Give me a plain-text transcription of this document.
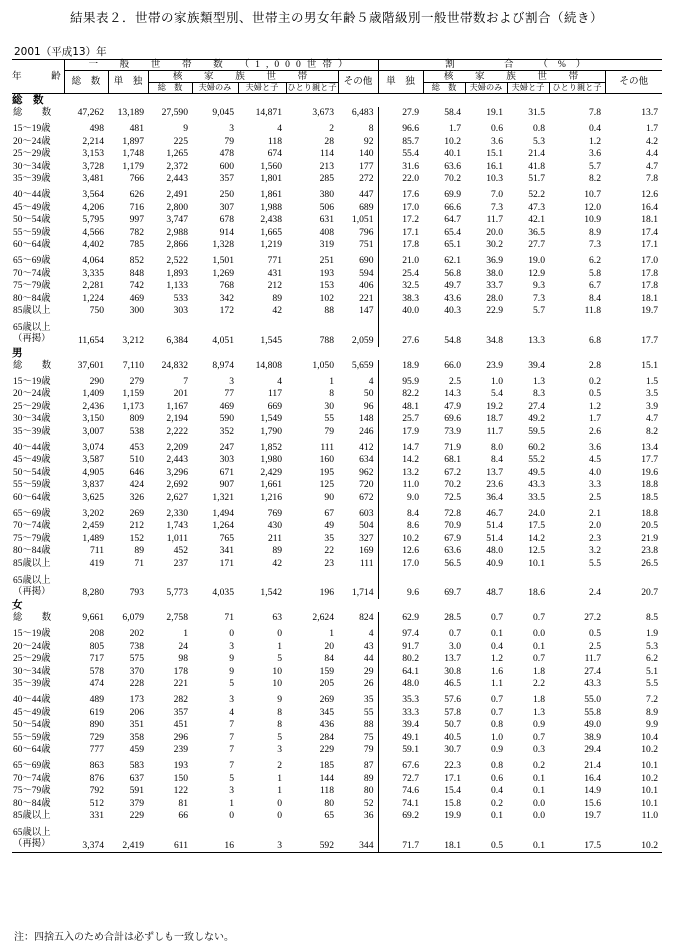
結果表２．世帯の家族類型別、世帯主の男女年齢５歳階級別一般世帯数および割合（続き）
2001（平成13）年
年　齢	一　般　世　帯　数　（1,000世帯）							割　　合　（%）					
	総　数	単　独	核　家　族　世　帯				その他	単　独	核　家　族　世　帯				その他
			総　数	夫婦のみ	夫婦と子	ひとり親と子			総　数	夫婦のみ	夫婦と子	ひとり親と子	
総　数													
総　数	47,262	13,189	27,590	9,045	14,871	3,673	6,483	27.9	58.4	19.1	31.5	7.8	13.7

15～19歳	498	481	9	3	4	2	8	96.6	1.7	0.6	0.8	0.4	1.7
20～24歳	2,214	1,897	225	79	118	28	92	85.7	10.2	3.6	5.3	1.2	4.2
25～29歳	3,153	1,748	1,265	478	674	114	140	55.4	40.1	15.1	21.4	3.6	4.4
30～34歳	3,728	1,179	2,372	600	1,560	213	177	31.6	63.6	16.1	41.8	5.7	4.7
35～39歳	3,481	766	2,443	357	1,801	285	272	22.0	70.2	10.3	51.7	8.2	7.8

40～44歳	3,564	626	2,491	250	1,861	380	447	17.6	69.9	7.0	52.2	10.7	12.6
45～49歳	4,206	716	2,800	307	1,988	506	689	17.0	66.6	7.3	47.3	12.0	16.4
50～54歳	5,795	997	3,747	678	2,438	631	1,051	17.2	64.7	11.7	42.1	10.9	18.1
55～59歳	4,566	782	2,988	914	1,665	408	796	17.1	65.4	20.0	36.5	8.9	17.4
60～64歳	4,402	785	2,866	1,328	1,219	319	751	17.8	65.1	30.2	27.7	7.3	17.1

65～69歳	4,064	852	2,522	1,501	771	251	690	21.0	62.1	36.9	19.0	6.2	17.0
70～74歳	3,335	848	1,893	1,269	431	193	594	25.4	56.8	38.0	12.9	5.8	17.8
75～79歳	2,281	742	1,133	768	212	153	406	32.5	49.7	33.7	9.3	6.7	17.8
80～84歳	1,224	469	533	342	89	102	221	38.3	43.6	28.0	7.3	8.4	18.1
85歳以上	750	300	303	172	42	88	147	40.0	40.3	22.9	5.7	11.8	19.7

65歳以上
（再掲）	11,654	3,212	6,384	4,051	1,545	788	2,059	27.6	54.8	34.8	13.3	6.8	17.7
男													
総　数	37,601	7,110	24,832	8,974	14,808	1,050	5,659	18.9	66.0	23.9	39.4	2.8	15.1

15～19歳	290	279	7	3	4	1	4	95.9	2.5	1.0	1.3	0.2	1.5
20～24歳	1,409	1,159	201	77	117	8	50	82.2	14.3	5.4	8.3	0.5	3.5
25～29歳	2,436	1,173	1,167	469	669	30	96	48.1	47.9	19.2	27.4	1.2	3.9
30～34歳	3,150	809	2,194	590	1,549	55	148	25.7	69.6	18.7	49.2	1.7	4.7
35～39歳	3,007	538	2,222	352	1,790	79	246	17.9	73.9	11.7	59.5	2.6	8.2

40～44歳	3,074	453	2,209	247	1,852	111	412	14.7	71.9	8.0	60.2	3.6	13.4
45～49歳	3,587	510	2,443	303	1,980	160	634	14.2	68.1	8.4	55.2	4.5	17.7
50～54歳	4,905	646	3,296	671	2,429	195	962	13.2	67.2	13.7	49.5	4.0	19.6
55～59歳	3,837	424	2,692	907	1,661	125	720	11.0	70.2	23.6	43.3	3.3	18.8
60～64歳	3,625	326	2,627	1,321	1,216	90	672	9.0	72.5	36.4	33.5	2.5	18.5

65～69歳	3,202	269	2,330	1,494	769	67	603	8.4	72.8	46.7	24.0	2.1	18.8
70～74歳	2,459	212	1,743	1,264	430	49	504	8.6	70.9	51.4	17.5	2.0	20.5
75～79歳	1,489	152	1,011	765	211	35	327	10.2	67.9	51.4	14.2	2.3	21.9
80～84歳	711	89	452	341	89	22	169	12.6	63.6	48.0	12.5	3.2	23.8
85歳以上	419	71	237	171	42	23	111	17.0	56.5	40.9	10.1	5.5	26.5

65歳以上
（再掲）	8,280	793	5,773	4,035	1,542	196	1,714	9.6	69.7	48.7	18.6	2.4	20.7
女													
総　数	9,661	6,079	2,758	71	63	2,624	824	62.9	28.5	0.7	0.7	27.2	8.5

15～19歳	208	202	1	0	0	1	4	97.4	0.7	0.1	0.0	0.5	1.9
20～24歳	805	738	24	3	1	20	43	91.7	3.0	0.4	0.1	2.5	5.3
25～29歳	717	575	98	9	5	84	44	80.2	13.7	1.2	0.7	11.7	6.2
30～34歳	578	370	178	9	10	159	29	64.1	30.8	1.6	1.8	27.4	5.1
35～39歳	474	228	221	5	10	205	26	48.0	46.5	1.1	2.2	43.3	5.5

40～44歳	489	173	282	3	9	269	35	35.3	57.6	0.7	1.8	55.0	7.2
45～49歳	619	206	357	4	8	345	55	33.3	57.8	0.7	1.3	55.8	8.9
50～54歳	890	351	451	7	8	436	88	39.4	50.7	0.8	0.9	49.0	9.9
55～59歳	729	358	296	7	5	284	75	49.1	40.5	1.0	0.7	38.9	10.4
60～64歳	777	459	239	7	3	229	79	59.1	30.7	0.9	0.3	29.4	10.2

65～69歳	863	583	193	7	2	185	87	67.6	22.3	0.8	0.2	21.4	10.1
70～74歳	876	637	150	5	1	144	89	72.7	17.1	0.6	0.1	16.4	10.2
75～79歳	792	591	122	3	1	118	80	74.6	15.4	0.4	0.1	14.9	10.1
80～84歳	512	379	81	1	0	80	52	74.1	15.8	0.2	0.0	15.6	10.1
85歳以上	331	229	66	0	0	65	36	69.2	19.9	0.1	0.0	19.7	11.0

65歳以上
（再掲）	3,374	2,419	611	16	3	592	344	71.7	18.1	0.5	0.1	17.5	10.2
注：四捨五入のため合計は必ずしも一致しない。
